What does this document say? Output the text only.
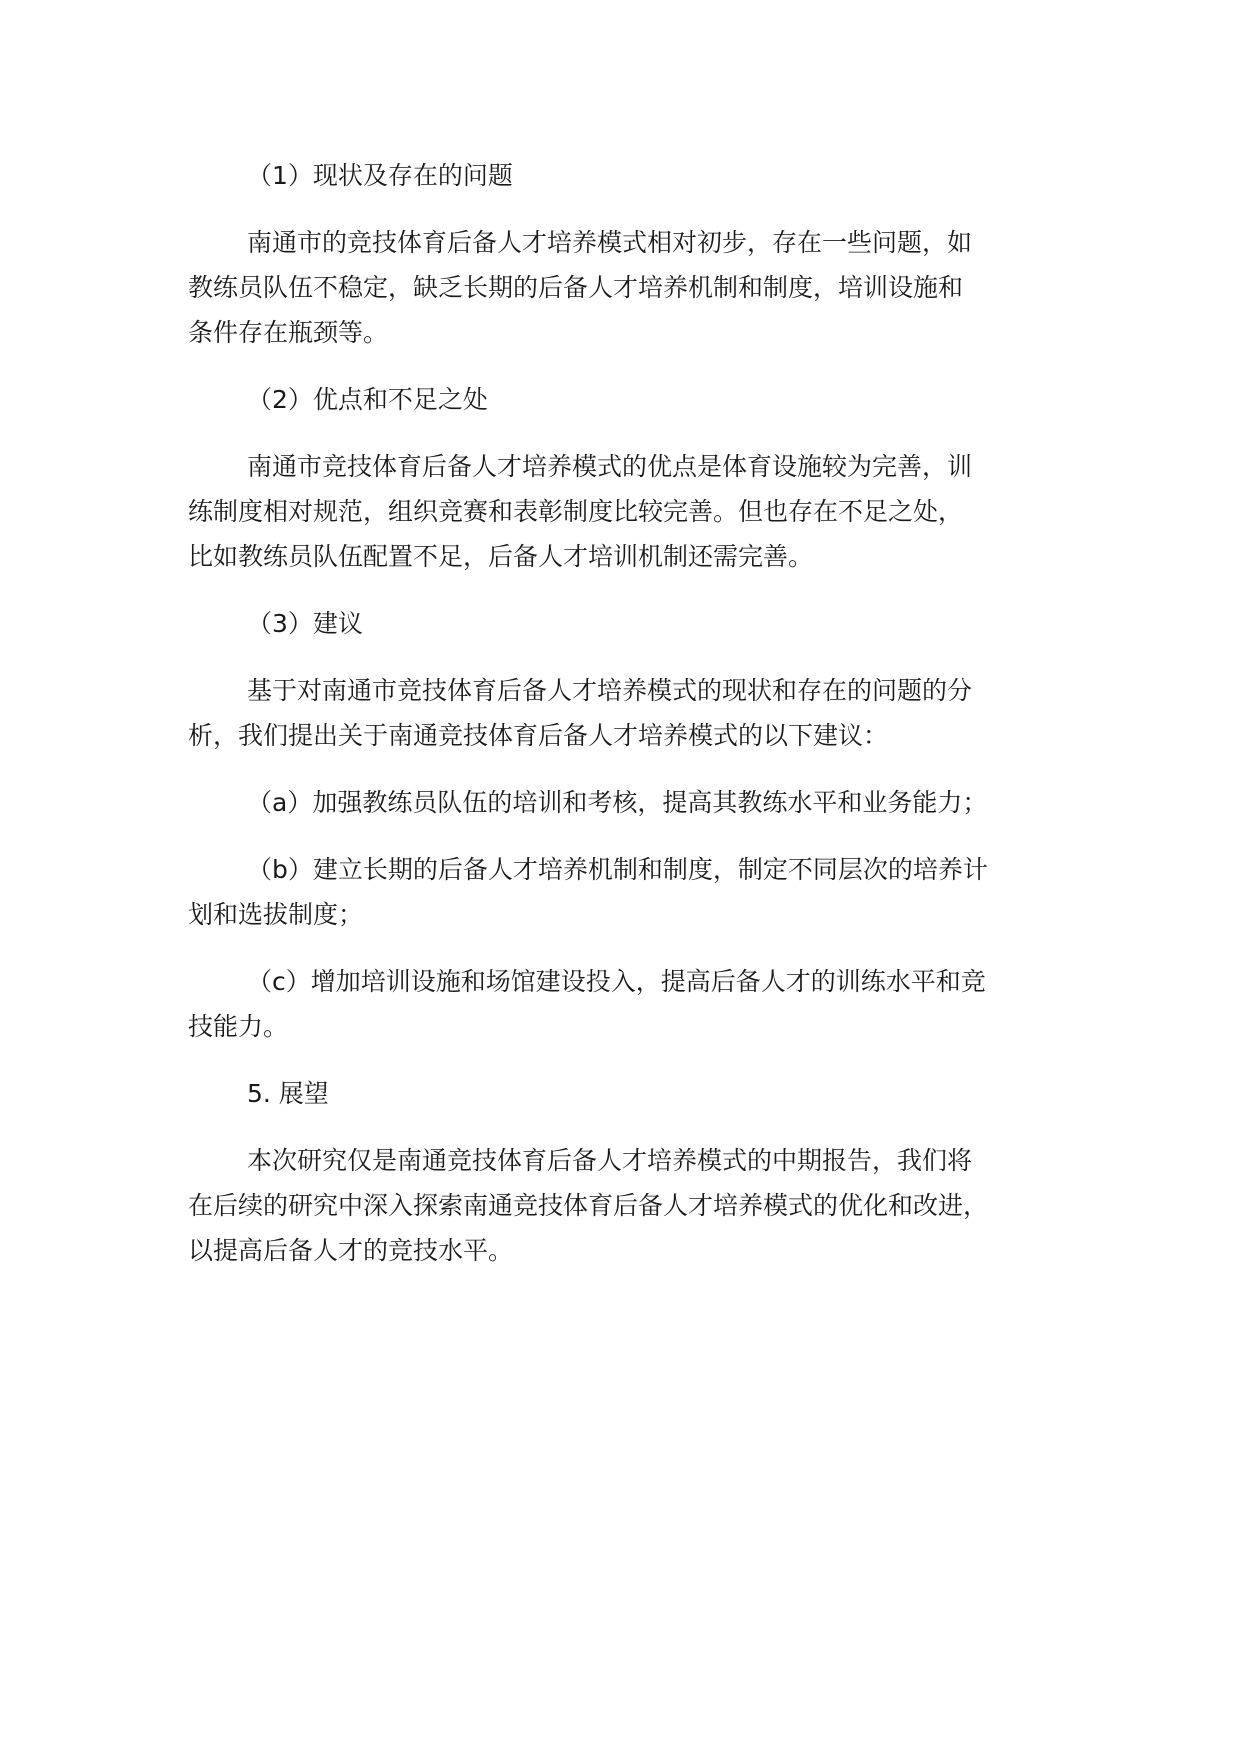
（1）现状及存在的问题

南通市的竞技体育后备人才培养模式相对初步，存在一些问题，如
教练员队伍不稳定，缺乏长期的后备人才培养机制和制度，培训设施和
条件存在瓶颈等。

（2）优点和不足之处

南通市竞技体育后备人才培养模式的优点是体育设施较为完善，训
练制度相对规范，组织竞赛和表彰制度比较完善。但也存在不足之处，
比如教练员队伍配置不足，后备人才培训机制还需完善。

（3）建议

基于对南通市竞技体育后备人才培养模式的现状和存在的问题的分
析，我们提出关于南通竞技体育后备人才培养模式的以下建议：

（a）加强教练员队伍的培训和考核，提高其教练水平和业务能力；

（b）建立长期的后备人才培养机制和制度，制定不同层次的培养计
划和选拔制度；

（c）增加培训设施和场馆建设投入，提高后备人才的训练水平和竞
技能力。

5. 展望

本次研究仅是南通竞技体育后备人才培养模式的中期报告，我们将
在后续的研究中深入探索南通竞技体育后备人才培养模式的优化和改进，
以提高后备人才的竞技水平。
